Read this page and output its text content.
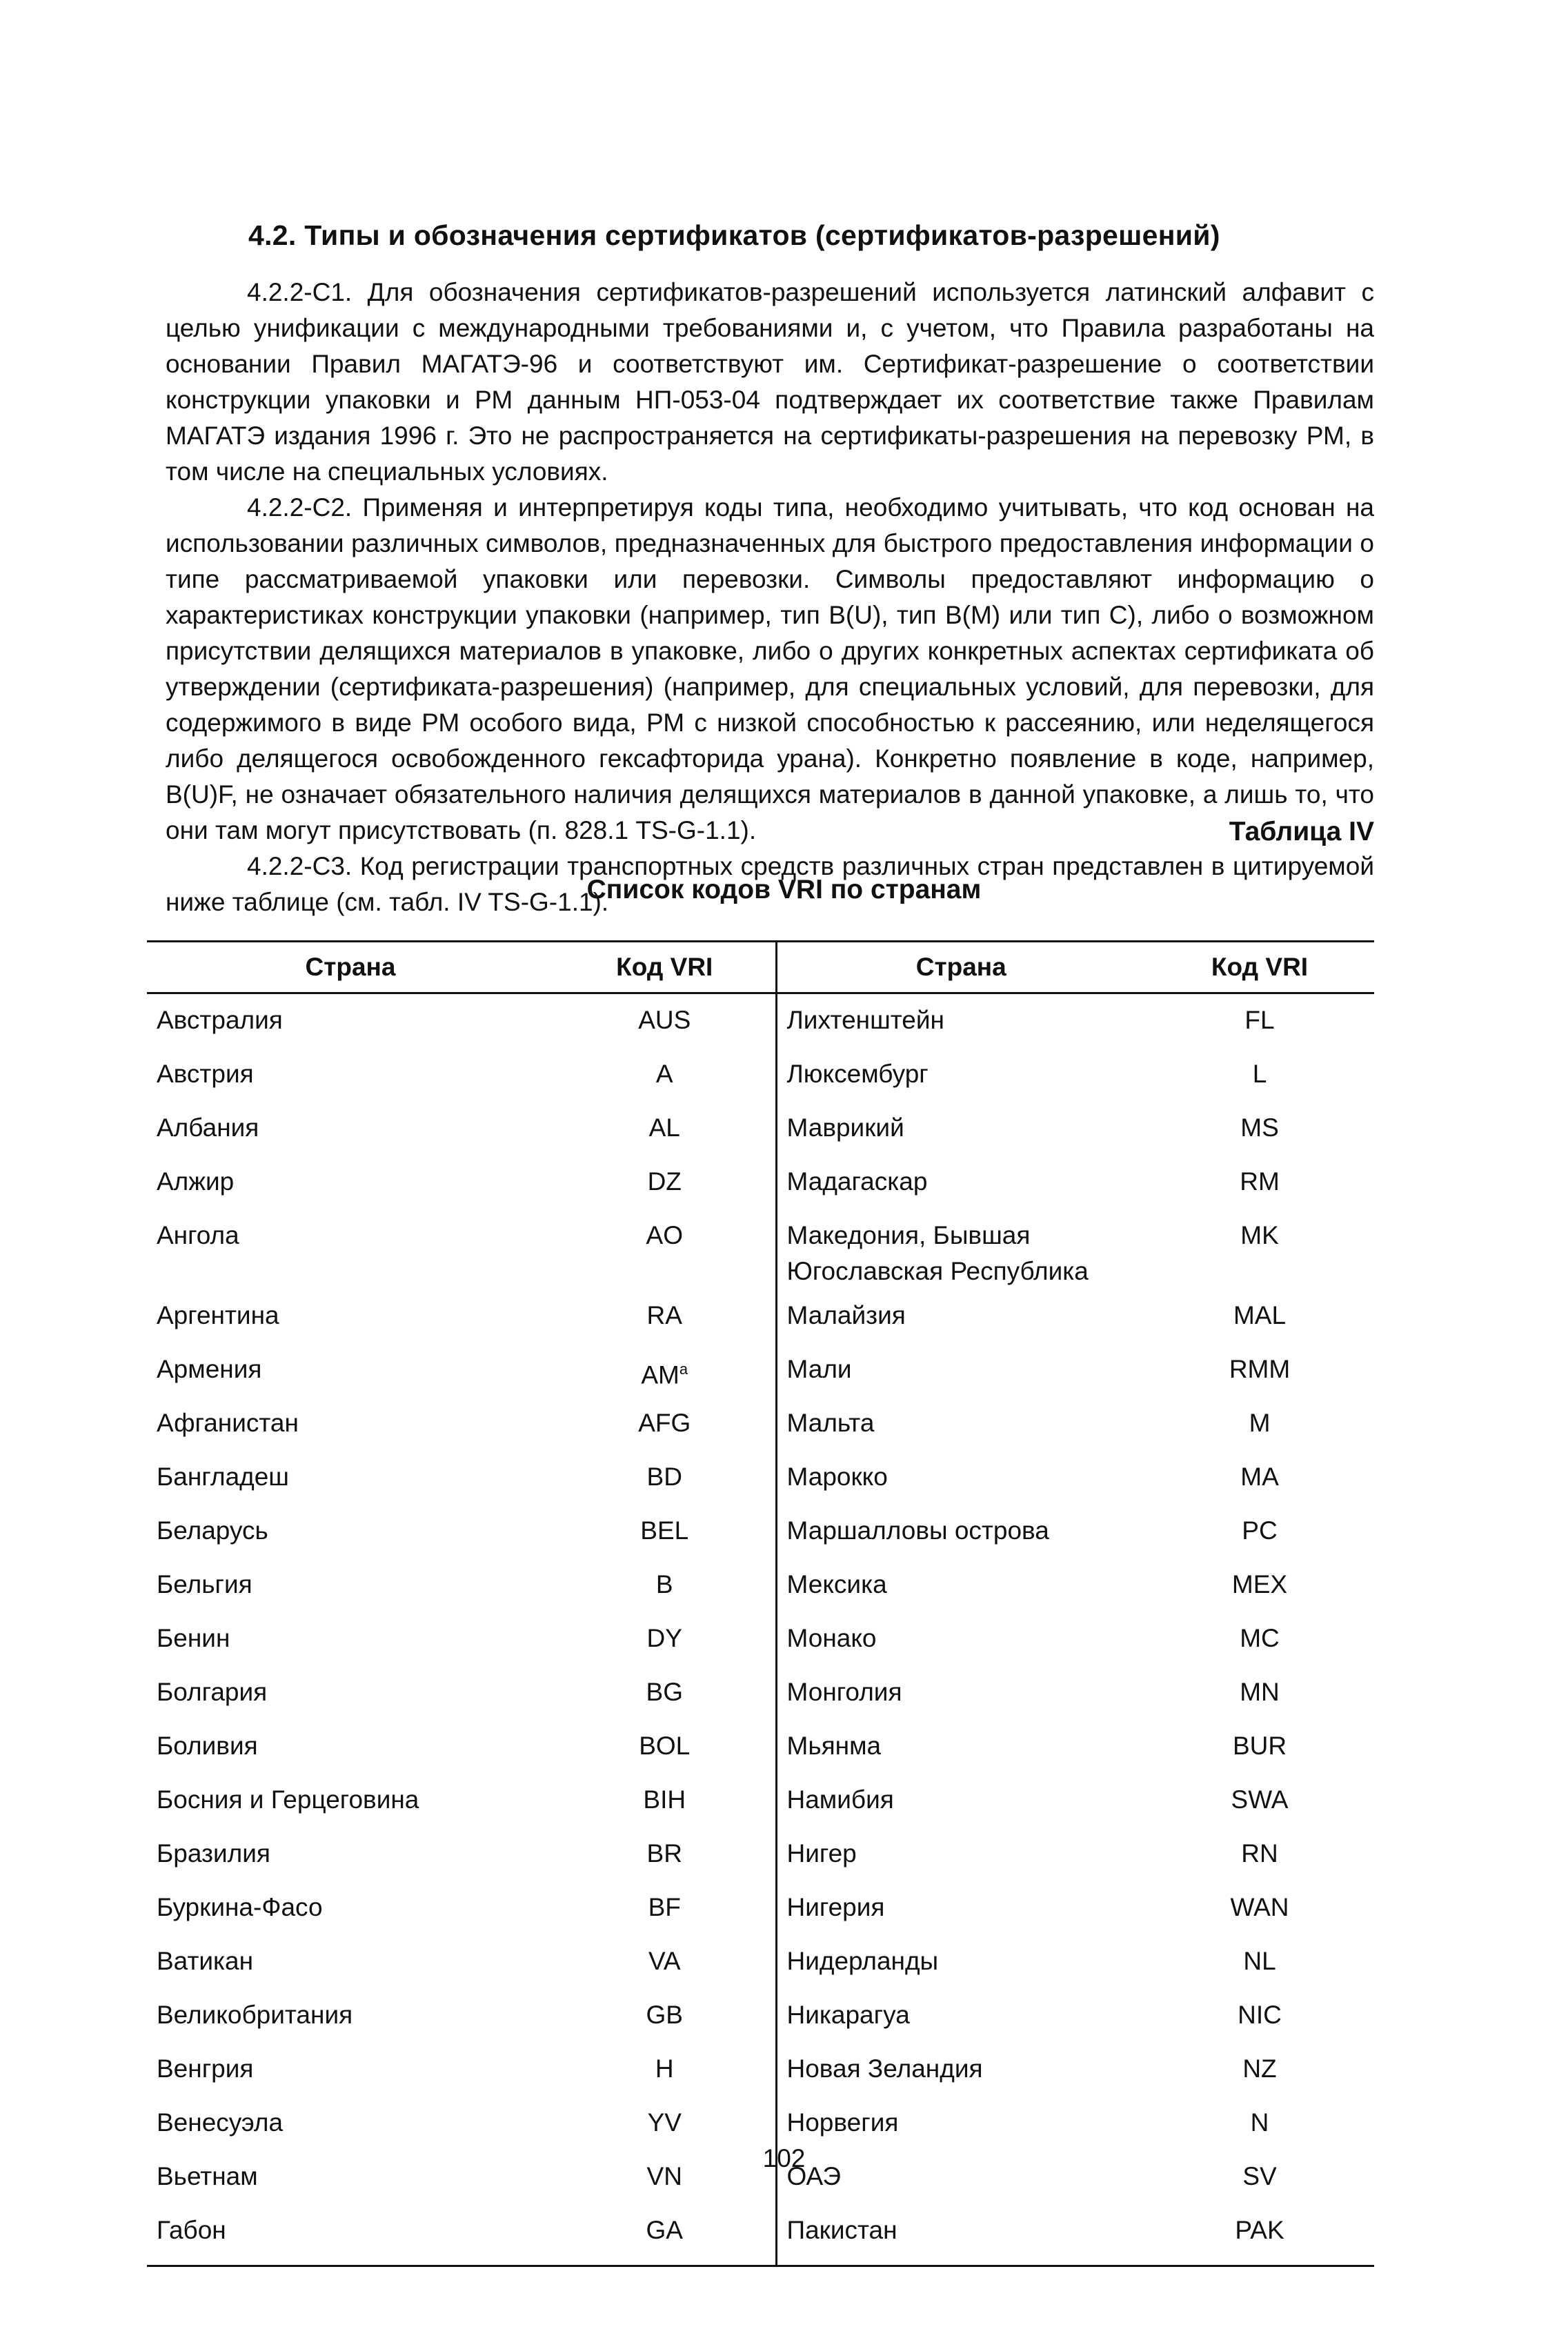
4.2. Типы и обозначения сертификатов (сертификатов-разрешений)

4.2.2-С1. Для обозначения сертификатов-разрешений используется латинский алфавит с целью унификации с международными требованиями и, с учетом, что Правила разработаны на основании Правил МАГАТЭ-96 и соответствуют им. Сертификат-разрешение о соответствии конструкции упаковки и РМ данным НП-053-04 подтверждает их соответствие также Правилам МАГАТЭ издания 1996 г. Это не распространяется на сертификаты-разрешения на перевозку РМ, в том числе на специальных условиях.

4.2.2-С2. Применяя и интерпретируя коды типа, необходимо учитывать, что код основан на использовании различных символов, предназначенных для быстрого предоставления информации о типе рассматриваемой упаковки или перевозки. Символы предоставляют информацию о характеристиках конструкции упаковки (например, тип B(U), тип B(M) или тип С), либо о возможном присутствии делящихся материалов в упаковке, либо о других конкретных аспектах сертификата об утверждении (сертификата-разрешения) (например, для специальных условий, для перевозки, для содержимого в виде РМ особого вида, РМ с низкой способностью к рассеянию, или неделящегося либо делящегося освобожденного гексафторида урана). Конкретно появление в коде, например, B(U)F, не означает обязательного наличия делящихся материалов в данной упаковке, а лишь то, что они там могут присутствовать (п. 828.1 TS-G-1.1).

4.2.2-С3. Код регистрации транспортных средств различных стран представлен в цитируемой ниже таблице (см. табл. IV TS-G-1.1).

Таблица IV
Список кодов VRI по странам
Страна	Код VRI	Страна	Код VRI
Австралия	AUS	Лихтенштейн	FL
Австрия	A	Люксембург	L
Албания	AL	Маврикий	MS
Алжир	DZ	Мадагаскар	RM
Ангола	AO	Македония, Бывшая Югославская Республика	MK
Аргентина	RA	Малайзия	MAL
Армения	$AM^a$	Мали	RMM
Афганистан	AFG	Мальта	M
Бангладеш	BD	Марокко	MA
Беларусь	BEL	Маршалловы острова	PC
Бельгия	B	Мексика	MEX
Бенин	DY	Монако	MC
Болгария	BG	Монголия	MN
Боливия	BOL	Мьянма	BUR
Босния и Герцеговина	BIH	Намибия	SWA
Бразилия	BR	Нигер	RN
Буркина-Фасо	BF	Нигерия	WAN
Ватикан	VA	Нидерланды	NL
Великобритания	GB	Никарагуа	NIC
Венгрия	H	Новая Зеландия	NZ
Венесуэла	YV	Норвегия	N
Вьетнам	VN	ОАЭ	SV
Габон	GA	Пакистан	PAK
102
